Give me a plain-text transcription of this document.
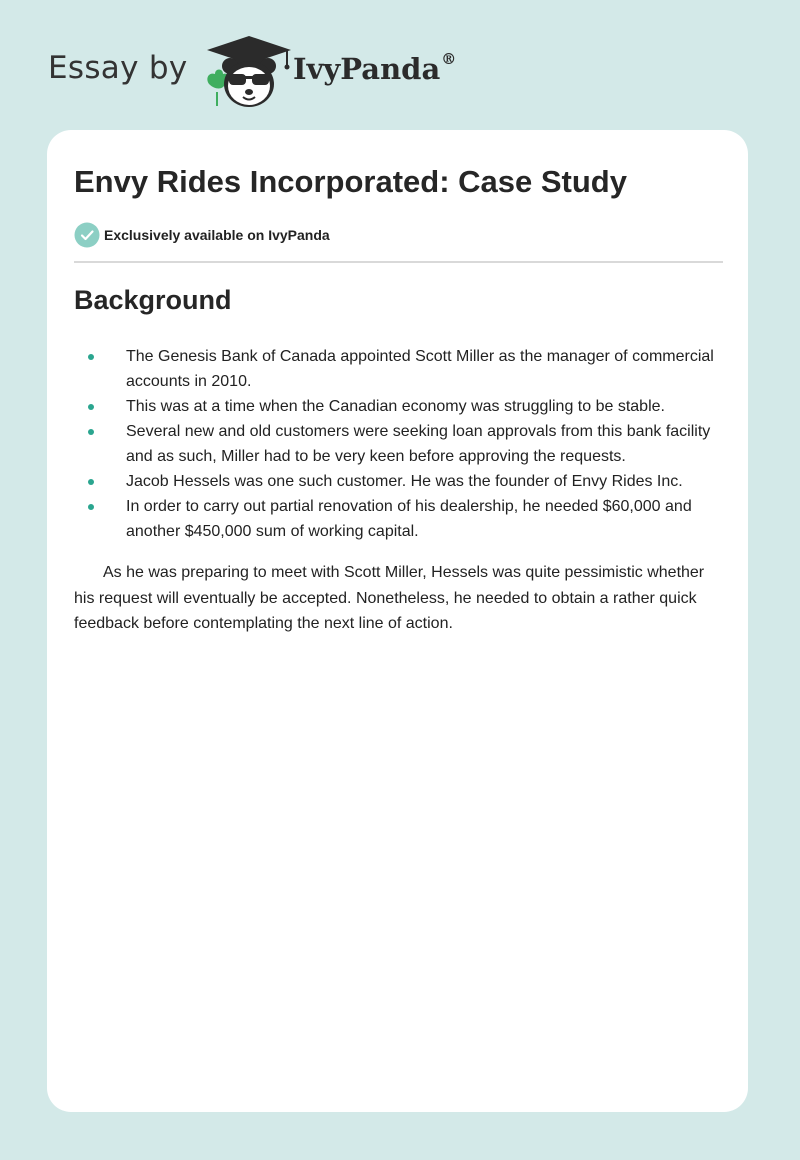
Essay by	IvyPanda®
Envy Rides Incorporated: Case Study
Exclusively available on IvyPanda
Background
The Genesis Bank of Canada appointed Scott Miller as the manager of commercial accounts in 2010.
This was at a time when the Canadian economy was struggling to be stable.
Several new and old customers were seeking loan approvals from this bank facility and as such, Miller had to be very keen before approving the requests.
Jacob Hessels was one such customer. He was the founder of Envy Rides Inc.
In order to carry out partial renovation of his dealership, he needed $60,000 and another $450,000 sum of working capital.

As he was preparing to meet with Scott Miller, Hessels was quite pessimistic whether his request will eventually be accepted. Nonetheless, he needed to obtain a rather quick feedback before contemplating the next line of action.
